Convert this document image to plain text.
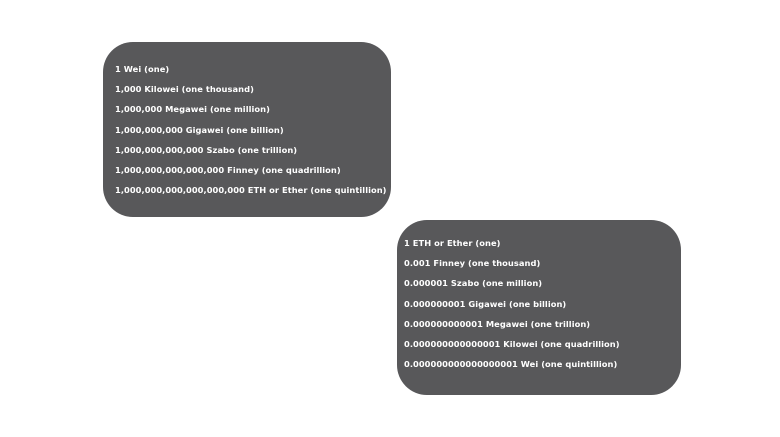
1 Wei (one)
1,000 Kilowei (one thousand)
1,000,000 Megawei (one million)
1,000,000,000 Gigawei (one billion)
1,000,000,000,000 Szabo (one trillion)
1,000,000,000,000,000 Finney (one quadrillion)
1,000,000,000,000,000,000 ETH or Ether (one quintillion)
1 ETH or Ether (one)
0.001 Finney (one thousand)
0.000001 Szabo (one million)
0.000000001 Gigawei (one billion)
0.000000000001 Megawei (one trillion)
0.000000000000001 Kilowei (one quadrillion)
0.000000000000000001 Wei (one quintillion)
